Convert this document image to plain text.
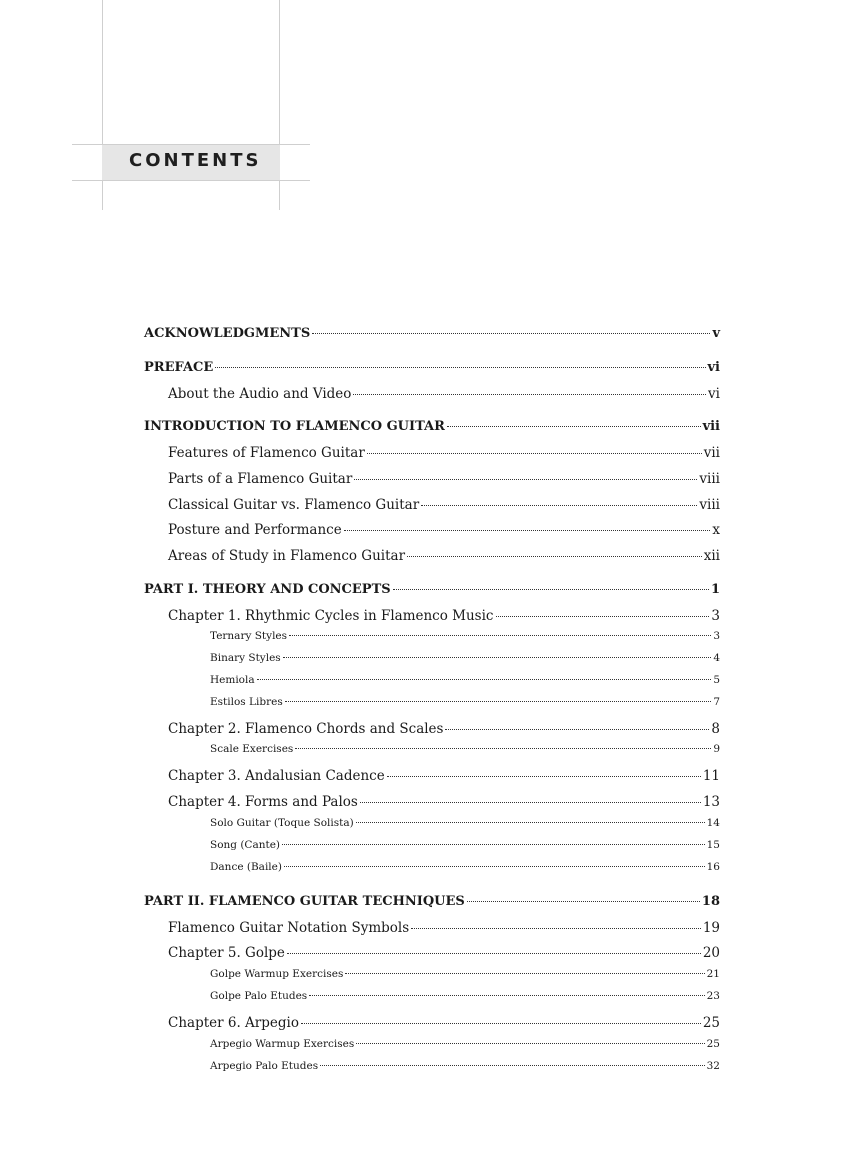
CONTENTS
ACKNOWLEDGMENTS	v
PREFACE	vi
About the Audio and Video	vi
INTRODUCTION TO FLAMENCO GUITAR	vii
Features of Flamenco Guitar	vii
Parts of a Flamenco Guitar	viii
Classical Guitar vs. Flamenco Guitar	viii
Posture and Performance	x
Areas of Study in Flamenco Guitar	xii
PART I. THEORY AND CONCEPTS	1
Chapter 1. Rhythmic Cycles in Flamenco Music	3
Ternary Styles	3
Binary Styles	4
Hemiola	5
Estilos Libres	7
Chapter 2. Flamenco Chords and Scales	8
Scale Exercises	9
Chapter 3. Andalusian Cadence	11
Chapter 4. Forms and Palos	13
Solo Guitar (Toque Solista)	14
Song (Cante)	15
Dance (Baile)	16
PART II. FLAMENCO GUITAR TECHNIQUES	18
Flamenco Guitar Notation Symbols	19
Chapter 5. Golpe	20
Golpe Warmup Exercises	21
Golpe Palo Etudes	23
Chapter 6. Arpegio	25
Arpegio Warmup Exercises	25
Arpegio Palo Etudes	32
